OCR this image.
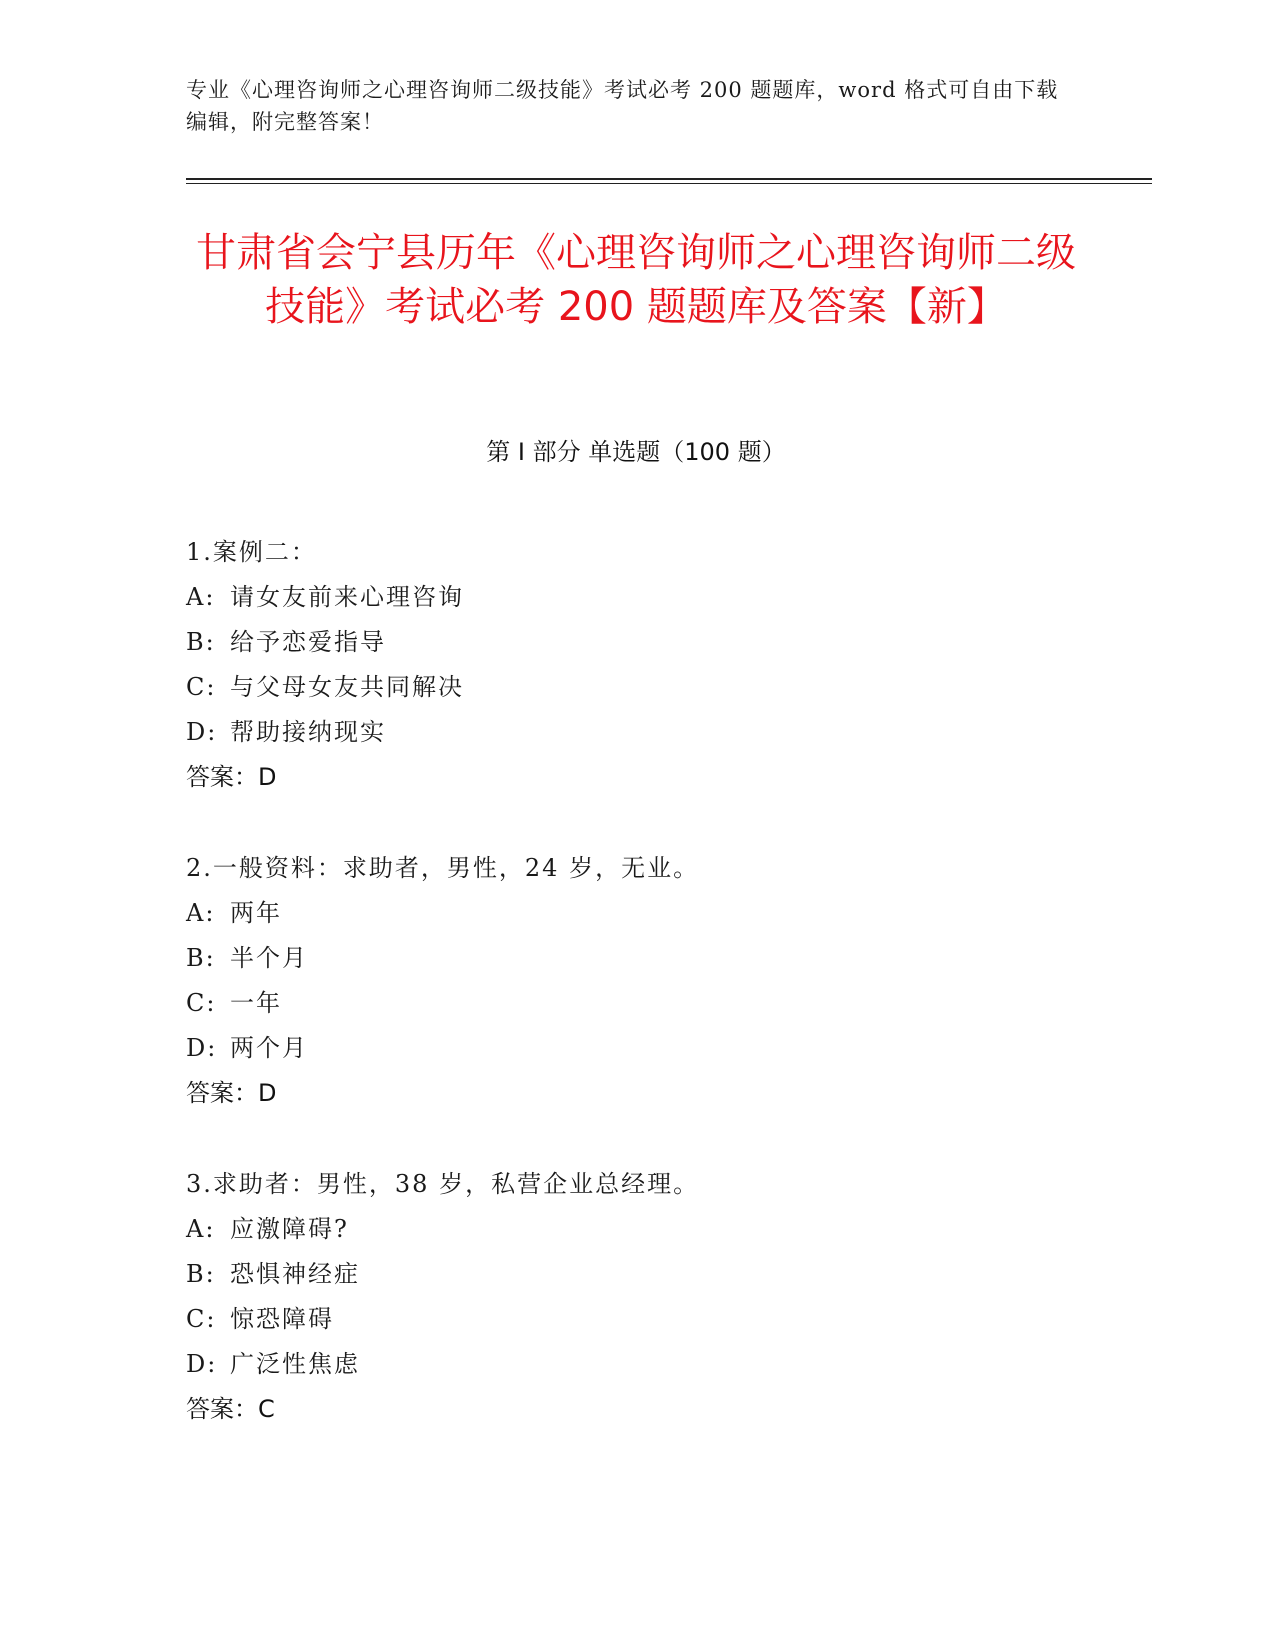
专业《心理咨询师之心理咨询师二级技能》考试必考 200 题题库，word 格式可自由下载编辑，附完整答案！
甘肃省会宁县历年《心理咨询师之心理咨询师二级技能》考试必考 200 题题库及答案【新】
第 I 部分 单选题（100 题）
1.案例二：
A: 请女友前来心理咨询
B: 给予恋爱指导
C: 与父母女友共同解决
D: 帮助接纳现实
答案：D
2.一般资料：求助者，男性，24 岁，无业。
A: 两年
B: 半个月
C: 一年
D: 两个月
答案：D
3.求助者：男性，38 岁，私营企业总经理。
A: 应激障碍?
B: 恐惧神经症
C: 惊恐障碍
D: 广泛性焦虑
答案：C
